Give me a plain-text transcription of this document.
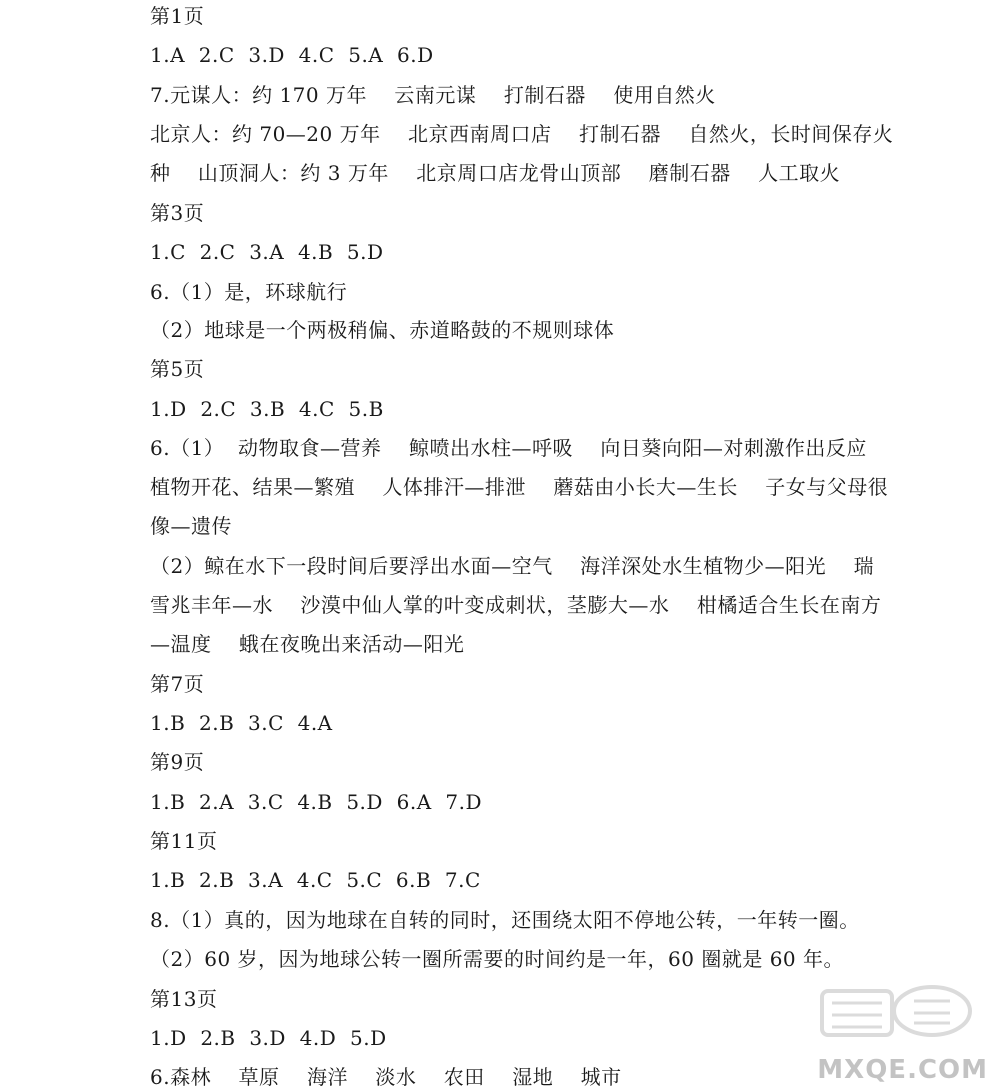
第1页
1.A  2.C  3.D  4.C  5.A  6.D
7.元谋人：约 170 万年    云南元谋    打制石器    使用自然火
北京人：约 70—20 万年    北京西南周口店    打制石器    自然火，长时间保存火
种    山顶洞人：约 3 万年    北京周口店龙骨山顶部    磨制石器    人工取火
第3页
1.C  2.C  3.A  4.B  5.D
6.（1）是，环球航行
（2）地球是一个两极稍偏、赤道略鼓的不规则球体
第5页
1.D  2.C  3.B  4.C  5.B
6.（1）  动物取食—营养    鲸喷出水柱—呼吸    向日葵向阳—对刺激作出反应
植物开花、结果—繁殖    人体排汗—排泄    蘑菇由小长大—生长    子女与父母很
像—遗传
（2）鲸在水下一段时间后要浮出水面—空气    海洋深处水生植物少—阳光    瑞
雪兆丰年—水    沙漠中仙人掌的叶变成刺状，茎膨大—水    柑橘适合生长在南方
—温度    蛾在夜晚出来活动—阳光
第7页
1.B  2.B  3.C  4.A
第9页
1.B  2.A  3.C  4.B  5.D  6.A  7.D
第11页
1.B  2.B  3.A  4.C  5.C  6.B  7.C
8.（1）真的，因为地球在自转的同时，还围绕太阳不停地公转，一年转一圈。
（2）60 岁，因为地球公转一圈所需要的时间约是一年，60 圈就是 60 年。
第13页
1.D  2.B  3.D  4.D  5.D
6.森林    草原    海洋    淡水    农田    湿地    城市	MXQE.COM
